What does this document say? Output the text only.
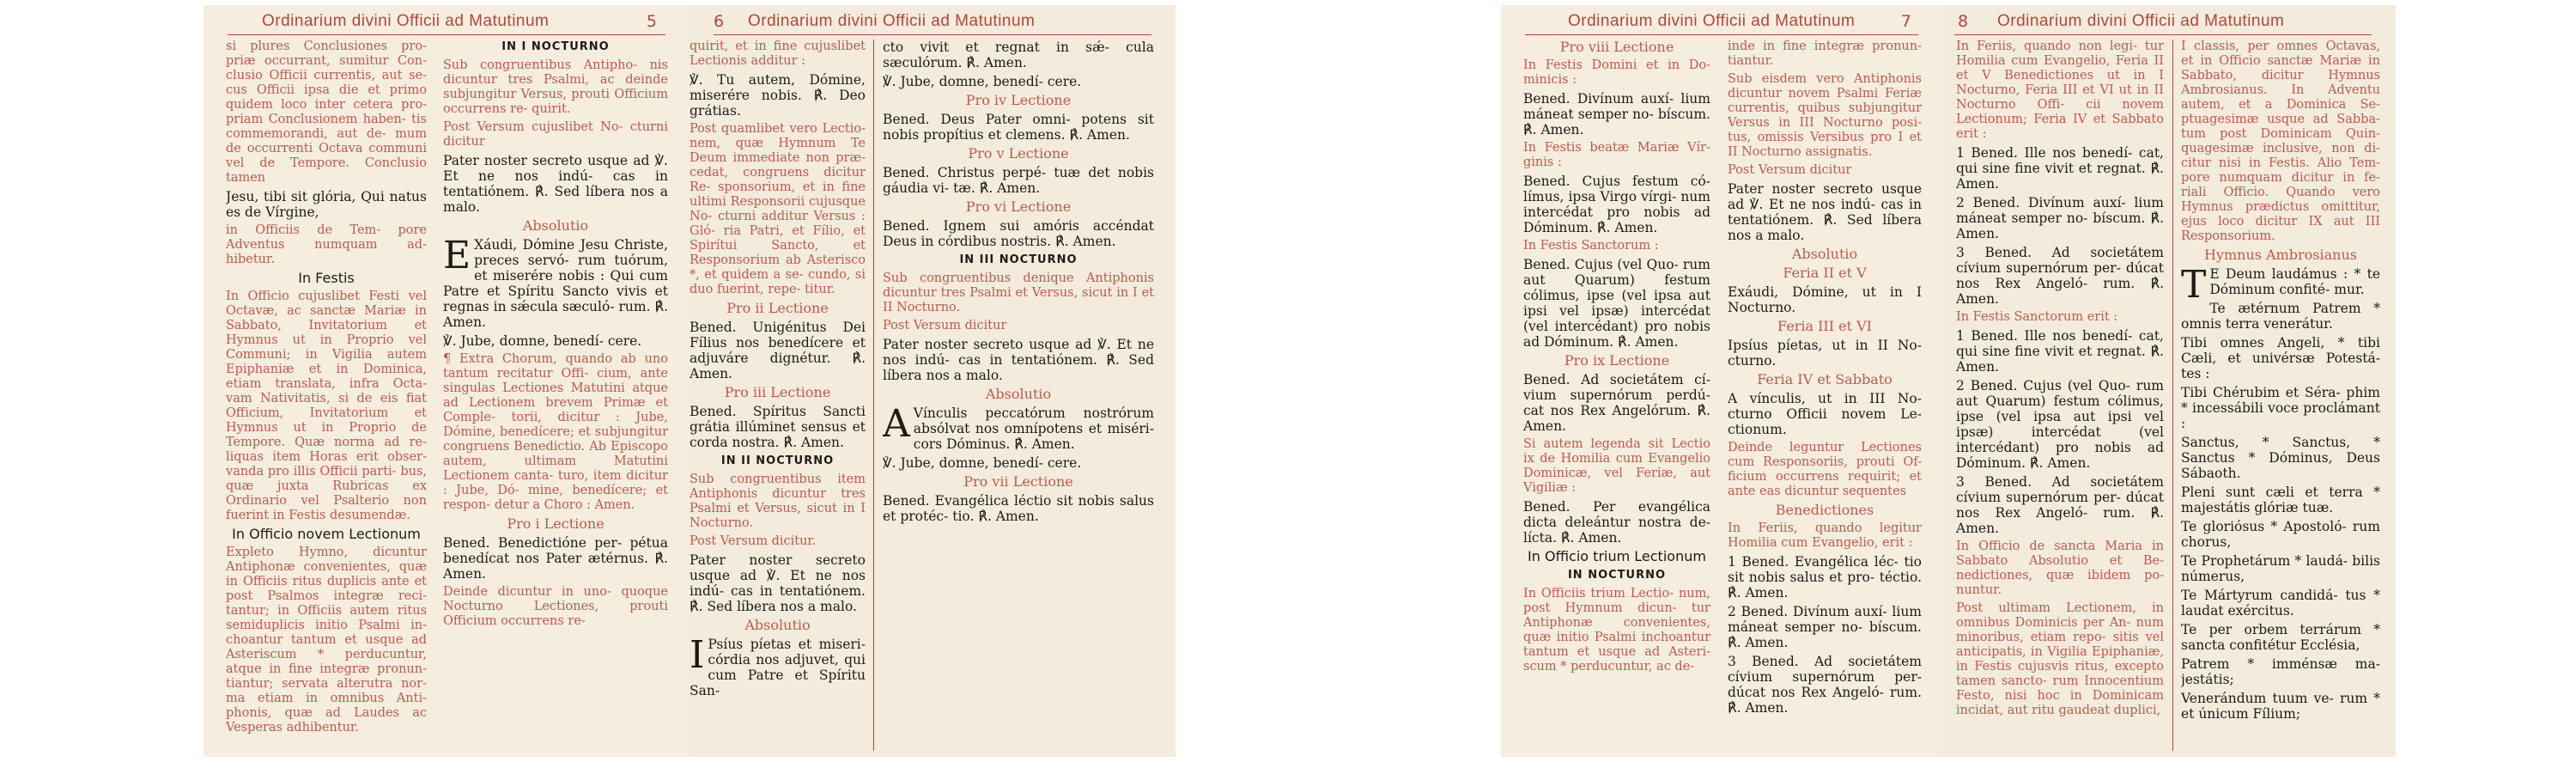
Ordinarium divini Officii ad Matutinum	5

si plures Conclusiones pro- priæ occurrant, sumitur Con- clusio Officii currentis, aut se- cus Officii ipsa die et primo quidem loco inter cetera pro- priam Conclusionem haben- tis commemorandi, aut de- mum de occurrenti Octava communi vel de Tempore. Conclusio tamen

Jesu, tibi sit glória, Qui natus es de Vírgine,

in Officiis de Tem- pore Adventus numquam ad- hibetur.

In Festis

In Officio cujuslibet Festi vel Octavæ, ac sanctæ Mariæ in Sabbato, Invitatorium et Hymnus ut in Proprio vel Communi; in Vigilia autem Epiphaniæ et in Dominica, etiam translata, infra Octa- vam Nativitatis, si de eis fiat Officium, Invitatorium et Hymnus ut in Proprio de Tempore. Quæ norma ad re- liquas item Horas erit obser- vanda pro illis Officii parti- bus, quæ juxta Rubricas ex Ordinario vel Psalterio non fuerint in Festis desumendæ.

In Officio novem Lectionum

Expleto Hymno, dicuntur Antiphonæ convenientes, quæ in Officiis ritus duplicis ante et post Psalmos integræ reci- tantur; in Officiis autem ritus semiduplicis initio Psalmi in- choantur tantum et usque ad Asteriscum * perducuntur, atque in fine integræ pronun- tiantur; servata alterutra nor- ma etiam in omnibus Anti- phonis, quæ ad Laudes ac Vesperas adhibentur.

IN I NOCTURNO

Sub congruentibus Antipho- nis dicuntur tres Psalmi, ac deinde subjungitur Versus, prouti Officium occurrens re- quirit.

Post Versum cujuslibet No- cturni dicitur

Pater noster secreto usque ad ℣. Et ne nos indú- cas in tentatiónem. ℟. Sed líbera nos a malo.

Absolutio

E Xáudi, Dómine Jesu Christe, preces servó- rum tuórum, et miserére nobis : Qui cum Patre et Spíritu Sancto vivis et regnas in sǽcula sæculó- rum. ℟. Amen.

℣. Jube, domne, benedí- cere.

¶ Extra Chorum, quando ab uno tantum recitatur Offi- cium, ante singulas Lectiones Matutini atque ad Lectionem brevem Primæ et Comple- torii, dicitur : Jube, Dómine, benedícere; et subjungitur congruens Benedictio. Ab Episcopo autem, ultimam Matutini Lectionem canta- turo, item dicitur : Jube, Dó- mine, benedícere; et respon- detur a Choro : Amen.

Pro i Lectione

Bened. Benedictióne per- pétua benedícat nos Pater ætérnus. ℟. Amen.

Deinde dicuntur in uno- quoque Nocturno Lectiones, prouti Officium occurrens re-

6 Ordinarium divini Officii ad Matutinum

quirit, et in fine cujuslibet Lectionis additur :

℣. Tu autem, Dómine, miserére nobis. ℟. Deo grátias.

Post quamlibet vero Lectio- nem, quæ Hymnum Te Deum immediate non præ- cedat, congruens dicitur Re- sponsorium, et in fine ultimi Responsorii cujusque No- cturni additur Versus : Gló- ria Patri, et Fílio, et Spirítui Sancto, et Responsorium ab Asterisco *, et quidem a se- cundo, si duo fuerint, repe- titur.

Pro ii Lectione

Bened. Unigénitus Dei Fílius nos benedícere et adjuváre dignétur. ℟. Amen.

Pro iii Lectione

Bened. Spíritus Sancti grátia illúminet sensus et corda nostra. ℟. Amen.

IN II NOCTURNO

Sub congruentibus item Antiphonis dicuntur tres Psalmi et Versus, sicut in I Nocturno.

Post Versum dicitur.

Pater noster secreto usque ad ℣. Et ne nos indú- cas in tentatiónem. ℟. Sed líbera nos a malo.

Absolutio

I Psíus píetas et miseri- córdia nos adjuvet, qui cum Patre et Spíritu San-

cto vivit et regnat in sǽ- cula sæculórum. ℟. Amen.

℣. Jube, domne, benedí- cere.

Pro iv Lectione

Bened. Deus Pater omni- potens sit nobis propítius et clemens. ℟. Amen.

Pro v Lectione

Bened. Christus perpé- tuæ det nobis gáudia vi- tæ. ℟. Amen.

Pro vi Lectione

Bened. Ignem sui amóris accéndat Deus in córdibus nostris. ℟. Amen.

IN III NOCTURNO

Sub congruentibus denique Antiphonis dicuntur tres Psalmi et Versus, sicut in I et II Nocturno.

Post Versum dicitur

Pater noster secreto usque ad ℣. Et ne nos indú- cas in tentatiónem. ℟. Sed líbera nos a malo.

Absolutio

A Vínculis peccatórum nostrórum absólvat nos omnípotens et miséri- cors Dóminus. ℟. Amen.

℣. Jube, domne, benedí- cere.

Pro vii Lectione

Bened. Evangélica léctio sit nobis salus et protéc- tio. ℟. Amen.

Ordinarium divini Officii ad Matutinum	7

Pro viii Lectione

In Festis Domini et in Do- minicis :

Bened. Divínum auxí- lium máneat semper no- bíscum. ℟. Amen.

In Festis beatæ Mariæ Vír- ginis :

Bened. Cujus festum có- límus, ipsa Virgo vírgi- num intercédat pro nobis ad Dóminum. ℟. Amen.

In Festis Sanctorum :

Bened. Cujus (vel Quo- rum aut Quarum) festum cólimus, ipse (vel ipsa aut ipsi vel ipsæ) intercédat (vel intercédant) pro nobis ad Dóminum. ℟. Amen.

Pro ix Lectione

Bened. Ad societátem cí- vium supernórum perdú- cat nos Rex Angelórum. ℟. Amen.

Si autem legenda sit Lectio ix de Homilia cum Evangelio Dominicæ, vel Feriæ, aut Vigiliæ :

Bened. Per evangélica dicta deleántur nostra de- lícta. ℟. Amen.

In Officio trium Lectionum

IN NOCTURNO

In Officiis trium Lectio- num, post Hymnum dicun- tur Antiphonæ convenientes, quæ initio Psalmi inchoantur tantum et usque ad Asteri- scum * perducuntur, ac de-

inde in fine integræ pronun- tiantur.

Sub eisdem vero Antiphonis dicuntur novem Psalmi Feriæ currentis, quibus subjungitur Versus in III Nocturno posi- tus, omissis Versibus pro I et II Nocturno assignatis.

Post Versum dicitur

Pater noster secreto usque ad ℣. Et ne nos indú- cas in tentatiónem. ℟. Sed líbera nos a malo.

Absolutio

Feria II et V

Exáudi, Dómine, ut in I Nocturno.

Feria III et VI

Ipsíus píetas, ut in II No- cturno.

Feria IV et Sabbato

A vínculis, ut in III No- cturno Officii novem Le- ctionum.

Deinde leguntur Lectiones cum Responsoriis, prouti Of- ficium occurrens requirit; et ante eas dicuntur sequentes

Benedictiones

In Feriis, quando legitur Homilia cum Evangelio, erit :

1 Bened. Evangélica léc- tio sit nobis salus et pro- téctio. ℟. Amen.

2 Bened. Divínum auxí- lium máneat semper no- bíscum. ℟. Amen.

3 Bened. Ad societátem cívium supernórum per- dúcat nos Rex Angeló- rum. ℟. Amen.

8 Ordinarium divini Officii ad Matutinum

In Feriis, quando non legi- tur Homilia cum Evangelio, Feria II et V Benedictiones ut in I Nocturno, Feria III et VI ut in II Nocturno Offi- cii novem Lectionum; Feria IV et Sabbato erit :

1 Bened. Ille nos benedí- cat, qui sine fine vivit et regnat. ℟. Amen.

2 Bened. Divínum auxí- lium máneat semper no- bíscum. ℟. Amen.

3 Bened. Ad societátem cívium supernórum per- dúcat nos Rex Angeló- rum. ℟. Amen.

In Festis Sanctorum erit :

1 Bened. Ille nos benedí- cat, qui sine fine vivit et regnat. ℟. Amen.

2 Bened. Cujus (vel Quo- rum aut Quarum) festum cólimus, ipse (vel ipsa aut ipsi vel ipsæ) intercédat (vel intercédant) pro nobis ad Dóminum. ℟. Amen.

3 Bened. Ad societátem cívium supernórum per- dúcat nos Rex Angeló- rum. ℟. Amen.

In Officio de sancta Maria in Sabbato Absolutio et Be- nedictiones, quæ ibidem po- nuntur.

Post ultimam Lectionem, in omnibus Dominicis per An- num minoribus, etiam repo- sitis vel anticipatis, in Vigilia Epiphaniæ, in Festis cujusvis ritus, excepto tamen sancto- rum Innocentium Festo, nisi hoc in Dominicam incidat, aut ritu gaudeat duplici,

I classis, per omnes Octavas, et in Officio sanctæ Mariæ in Sabbato, dicitur Hymnus Ambrosianus. In Adventu autem, et a Dominica Se- ptuagesimæ usque ad Sabba- tum post Dominicam Quin- quagesimæ inclusive, non di- citur nisi in Festis. Alio Tem- pore numquam dicitur in fe- riali Officio. Quando vero Hymnus prædictus omittitur, ejus loco dicitur IX aut III Responsorium.

Hymnus Ambrosianus

T E Deum laudámus : * te Dóminum confité- mur.

Te ætérnum Patrem * omnis terra venerátur.

Tibi omnes Angeli, * tibi Cæli, et univérsæ Potestá- tes :

Tibi Chérubim et Séra- phim * incessábili voce proclámant :

Sanctus, * Sanctus, * Sanctus * Dóminus, Deus Sábaoth.

Pleni sunt cæli et terra * majestátis glóriæ tuæ.

Te gloriósus * Apostoló- rum chorus,

Te Prophetárum * laudá- bilis númerus,

Te Mártyrum candidá- tus * laudat exércitus.

Te per orbem terrárum * sancta confitétur Ecclésia,

Patrem * imménsæ ma- jestátis;

Venerándum tuum ve- rum * et únicum Fílium;
